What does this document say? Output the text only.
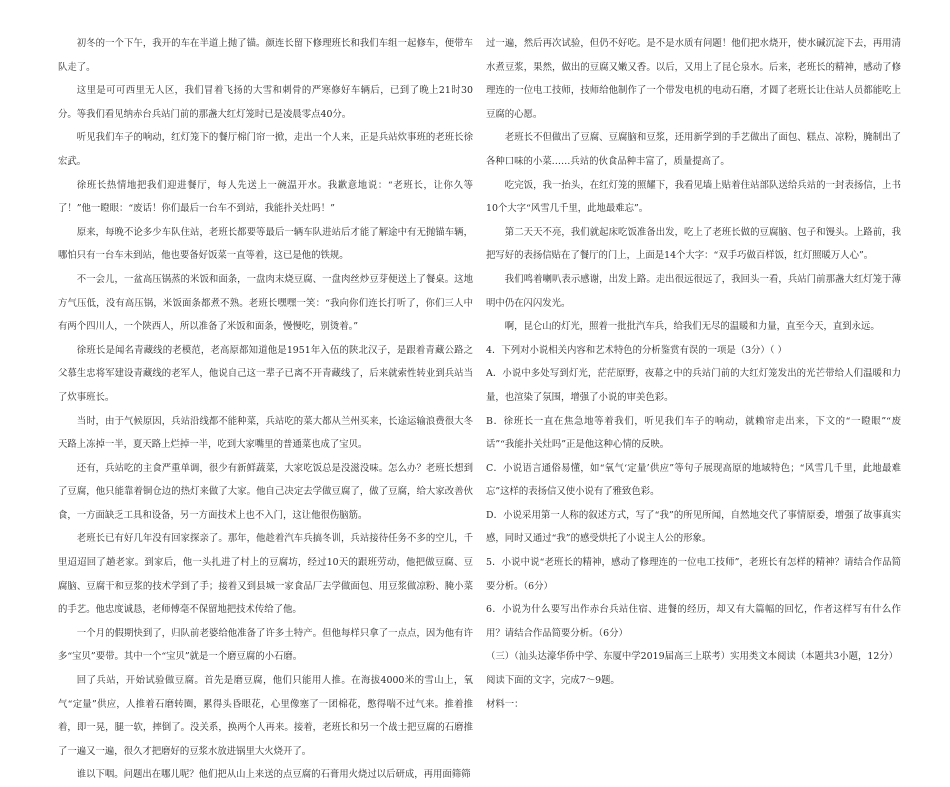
初冬的一个下午，我开的车在半道上抛了锚。颜连长留下修理班长和我们车组一起修车，便带车队走了。

这里是可可西里无人区，我们冒着飞扬的大雪和刺骨的严寒修好车辆后，已到了晚上21时30分。等我们看见纳赤台兵站门前的那盏大红灯笼时已是凌晨零点40分。

听见我们车子的响动，红灯笼下的餐厅棉门帘一掀，走出一个人来，正是兵站炊事班的老班长徐宏武。

徐班长热情地把我们迎进餐厅，每人先送上一碗温开水。我歉意地说：“老班长，让你久等了！”他一瞪眼：“废话！你们最后一台车不到站，我能扑关灶吗！”

原来，每晚不论多少车队住站，老班长都要等最后一辆车队进站后才能了解途中有无抛锚车辆，哪怕只有一台车未到站，他也要备好饭菜一直等着，这已是他的铁规。

不一会儿，一盆高压锅蒸的米饭和面条，一盘肉末烧豆腐、一盘肉丝炒豆芽便送上了餐桌。这地方气压低，没有高压锅，米饭面条都煮不熟。老班长嘿嘿一笑：“我向你们连长打听了，你们三人中有两个四川人，一个陕西人，所以准备了米饭和面条，慢慢吃，别烫着。”

徐班长是闻名青藏线的老模范，老高原都知道他是1951年入伍的陕北汉子，是跟着青藏公路之父慕生忠将军建设青藏线的老军人，他说自己这一辈子已离不开青藏线了，后来就索性转业到兵站当了炊事班长。

当时，由于气候原因，兵站沿线都不能种菜，兵站吃的菜大都从兰州买来，长途运输浪费很大冬天路上冻掉一半，夏天路上烂掉一半，吃到大家嘴里的普通菜也成了宝贝。

还有，兵站吃的主食严重单调，很少有新鲜蔬菜，大家吃饭总是没滋没味。怎么办？老班长想到了豆腐，他只能靠着铜仓边的热灯来做了大家。他自己决定去学做豆腐了，做了豆腐，给大家改善伙食，一方面缺乏工具和设备，另一方面技术上也不入门，这让他很伤脑筋。

老班长已有好几年没有回家探亲了。那年，他趁着汽车兵搞冬训，兵站接待任务不多的空儿，千里迢迢回了趟老家。到家后，他一头扎进了村上的豆腐坊，经过10天的跟班劳动，他把做豆腐、豆腐脑、豆腐干和豆浆的技术学到了手；接着又到县城一家食品厂去学做面包、用豆浆做凉粉、腌小菜的手艺。他忠度诚恳，老师傅毫不保留地把技术传给了他。

一个月的假期快到了，归队前老婆给他准备了许多土特产。但他每样只拿了一点点，因为他有许多“宝贝”要带。其中一个“宝贝”就是一个磨豆腐的小石磨。

回了兵站，开始试验做豆腐。首先是磨豆腐，他们只能用人推。在海拔4000米的雪山上，氧气“定量”供应，人推着石磨转圈，累得头昏眼花，心里像塞了一团棉花，憋得喘不过气来。推着推着，即一晃，腿一软，摔倒了。没关系，换两个人再来。接着，老班长和另一个战士把豆腐的石磨推了一遍又一遍，很久才把磨好的豆浆水放进锅里大火烧开了。

谁以下咽。问题出在哪儿呢？他们把从山上来送的点豆腐的石膏用火烧过以后研成，再用面筛筛

过一遍，然后再次试验，但仍不好吃。是不是水质有问题！他们把水烧开，使水碱沉淀下去，再用清水煮豆浆，果然，做出的豆腐又嫩又香。以后，又用上了昆仑泉水。后来，老班长的精神，感动了修理连的一位电工技师，技师给他制作了一个带发电机的电动石磨，才圆了老班长让住站人员都能吃上豆腐的心愿。

老班长不但做出了豆腐、豆腐脑和豆浆，还用新学到的手艺做出了面包、糕点、凉粉，腌制出了各种口味的小菜……兵站的伙食品种丰富了，质量提高了。

吃完饭，我一抬头，在红灯笼的照耀下，我看见墙上贴着住站部队送给兵站的一封表扬信，上书10个大字“风雪几千里，此地最难忘”。

第二天天不亮，我们就起床吃饭准备出发，吃上了老班长做的豆腐脑、包子和馒头。上路前，我把写好的表扬信贴在了餐厅的门上，上面是14个大字：“双手巧做百样饭，红灯照暖万人心”。

我们鸣着喇叭表示感谢，出发上路。走出很远很远了，我回头一看，兵站门前那盏大红灯笼于薄明中仍在闪闪发光。

啊，昆仑山的灯光，照着一批批汽车兵，给我们无尽的温暖和力量，直至今天，直到永远。

4．下列对小说相关内容和艺术特色的分析鉴赏有误的一项是（3分）（ ）

A．小说中多处写到灯光，茫茫原野，夜幕之中的兵站门前的大红灯笼发出的光芒带给人们温暖和力量，也渲染了氛围，增强了小说的审美色彩。

B．徐班长一直在焦急地等着我们，听见我们车子的响动，就赖帘走出来，下文的“一瞪眼”“废话”“我能扑关灶吗”正是他这种心情的反映。

C．小说语言通俗易懂，如“氧气‘定量’供应”等句子展现高原的地域特色；“风雪几千里，此地最难忘”这样的表扬信又使小说有了雅致色彩。

D．小说采用第一人称的叙述方式，写了“我”的所见所闻，自然地交代了事情原委，增强了故事真实感，同时又通过“我”的感受烘托了小说主人公的形象。

5．小说中说“老班长的精神，感动了修理连的一位电工技师”，老班长有怎样的精神？请结合作品简要分析。（6分）

6．小说为什么要写出作赤台兵站住宿、进餐的经历，却又有大篇幅的回忆，作者这样写有什么作用？请结合作品简要分析。（6分）

（三）（汕头达濠华侨中学、东厦中学2019届高三上联考）实用类文本阅读（本题共3小题，12分）

阅读下面的文字，完成7～9题。

材料一：
